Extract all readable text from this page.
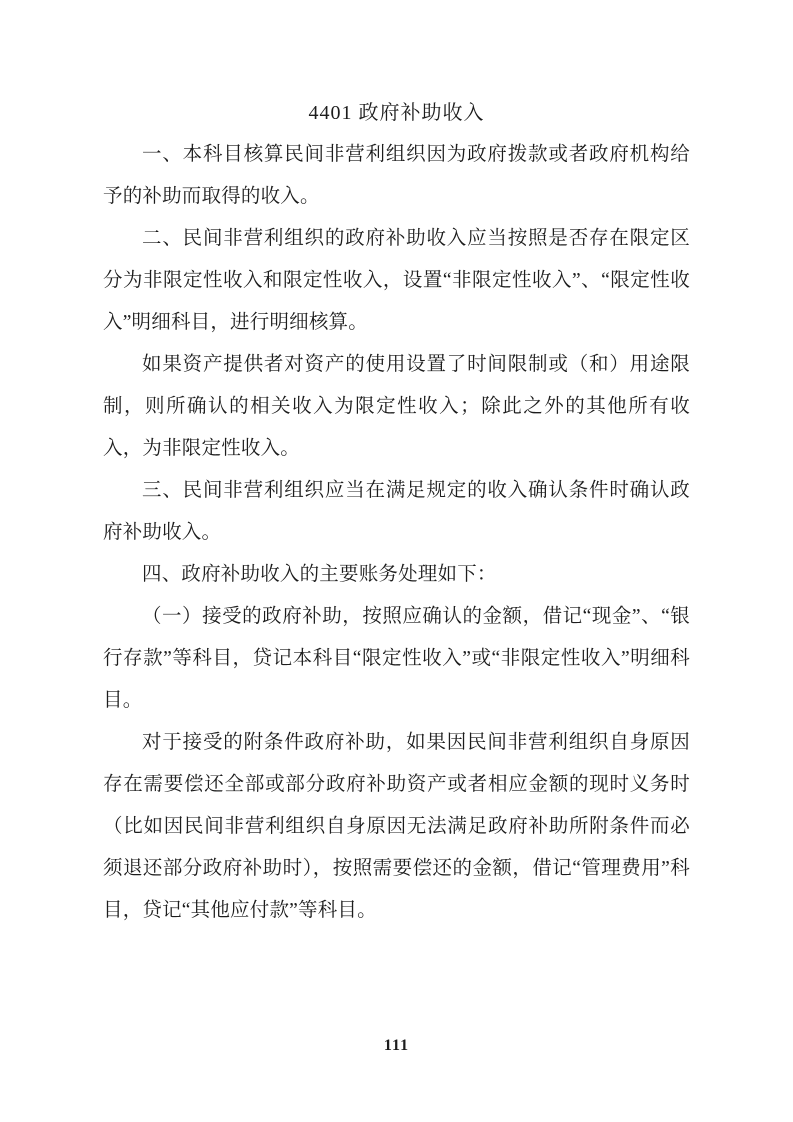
4401 政府补助收入

一、本科目核算民间非营利组织因为政府拨款或者政府机构给予的补助而取得的收入。

二、民间非营利组织的政府补助收入应当按照是否存在限定区分为非限定性收入和限定性收入，设置“非限定性收入”、“限定性收入”明细科目，进行明细核算。

如果资产提供者对资产的使用设置了时间限制或（和）用途限制，则所确认的相关收入为限定性收入；除此之外的其他所有收入，为非限定性收入。

三、民间非营利组织应当在满足规定的收入确认条件时确认政府补助收入。

四、政府补助收入的主要账务处理如下：

（一）接受的政府补助，按照应确认的金额，借记“现金”、“银行存款”等科目，贷记本科目“限定性收入”或“非限定性收入”明细科目。

对于接受的附条件政府补助，如果因民间非营利组织自身原因存在需要偿还全部或部分政府补助资产或者相应金额的现时义务时（比如因民间非营利组织自身原因无法满足政府补助所附条件而必须退还部分政府补助时），按照需要偿还的金额，借记“管理费用”科目，贷记“其他应付款”等科目。

111
